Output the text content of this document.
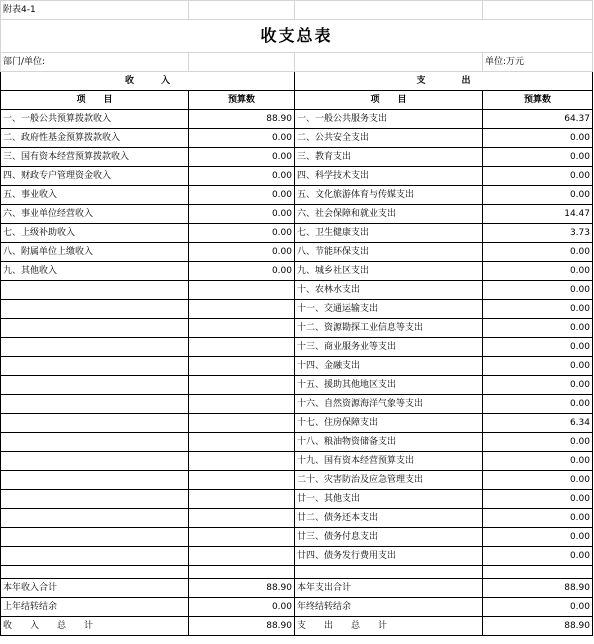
附表4-1			
收支总表			
部门/单位:			单位:万元
收　　　入		支　　　　出	
项　　目	预算数	项　　目	预算数
一、一般公共预算拨款收入	88.90	一、一般公共服务支出	64.37
二、政府性基金预算拨款收入	0.00	二、公共安全支出	0.00
三、国有资本经营预算拨款收入	0.00	三、教育支出	0.00
四、财政专户管理资金收入	0.00	四、科学技术支出	0.00
五、事业收入	0.00	五、文化旅游体育与传媒支出	0.00
六、事业单位经营收入	0.00	六、社会保障和就业支出	14.47
七、上级补助收入	0.00	七、卫生健康支出	3.73
八、附属单位上缴收入	0.00	八、节能环保支出	0.00
九、其他收入	0.00	九、城乡社区支出	0.00
		十、农林水支出	0.00
		十一、交通运输支出	0.00
		十二、资源勘探工业信息等支出	0.00
		十三、商业服务业等支出	0.00
		十四、金融支出	0.00
		十五、援助其他地区支出	0.00
		十六、自然资源海洋气象等支出	0.00
		十七、住房保障支出	6.34
		十八、粮油物资储备支出	0.00
		十九、国有资本经营预算支出	0.00
		二十、灾害防治及应急管理支出	0.00
		廿一、其他支出	0.00
		廿二、债务还本支出	0.00
		廿三、债务付息支出	0.00
		廿四、债务发行费用支出	0.00

本年收入合计	88.90	本年支出合计	88.90
上年结转结余	0.00	年终结转结余	0.00
收　　入　　总　　计	88.90	支　　出　　总　　计	88.90
